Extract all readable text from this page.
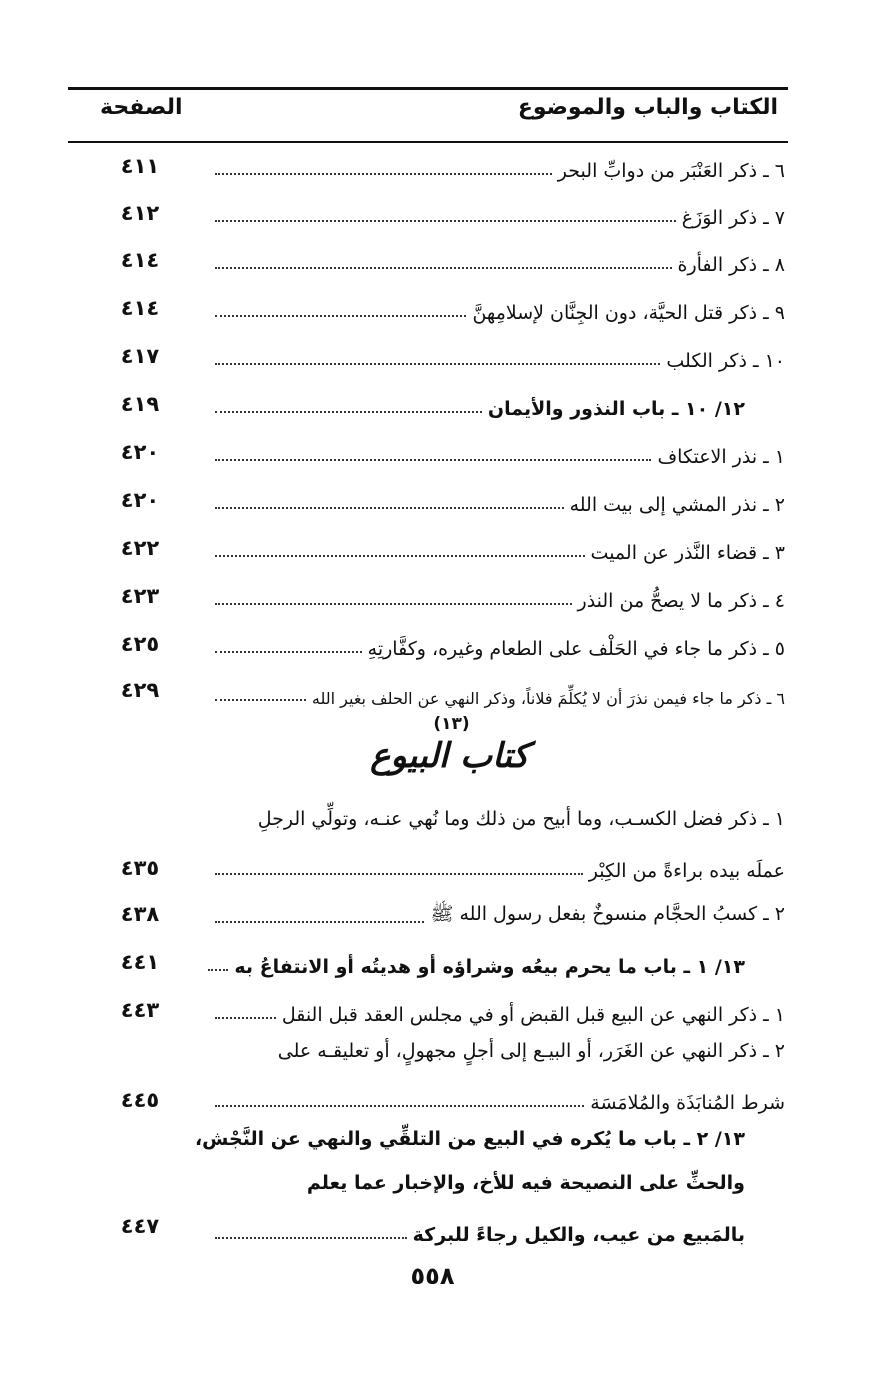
الكتاب والباب والموضوع
الصفحة
٦ ـ ذكر العَنْبَر من دوابِّ البحر
٤١١
٧ ـ ذكر الوَزَغ
٤١٢
٨ ـ ذكر الفأرة
٤١٤
٩ ـ ذكر قتل الحيَّة، دون الجِنَّان لإسلامِهنَّ
٤١٤
١٠ ـ ذكر الكلب
٤١٧
١٢/ ١٠ ـ باب النذور والأيمان
٤١٩
١ ـ نذر الاعتكاف
٤٢٠
٢ ـ نذر المشي إلى بيت الله
٤٢٠
٣ ـ قضاء النَّذر عن الميت
٤٢٢
٤ ـ ذكر ما لا يصحُّ من النذر
٤٢٣
٥ ـ ذكر ما جاء في الحَلْف على الطعام وغيره، وكفَّارتِهِ
٤٢٥
٦ ـ ذكر ما جاء فيمن نذرَ أن لا يُكلِّمَ فلاناً، وذكر النهي عن الحلف بغير الله
٤٢٩
(١٣)
كتاب البيوع
١ ـ ذكر فضل الكسـب، وما أبيح من ذلك وما نُهي عنـه، وتولِّي الرجلِ
عملَه بيده براءةً من الكِبْر
٤٣٥
٢ ـ كسبُ الحجَّام منسوخٌ بفعل رسول الله ﷺ
٤٣٨
١٣/ ١ ـ باب ما يحرم بيعُه وشراؤه أو هديتُه أو الانتفاعُ به
٤٤١
١ ـ ذكر النهي عن البيع قبل القبض أو في مجلس العقد قبل النقل
٤٤٣
٢ ـ ذكر النهي عن الغَرَر، أو البيـع إلى أجلٍ مجهولٍ، أو تعليقـه على
شرط المُنابَذَة والمُلامَسَة
٤٤٥
١٣/ ٢ ـ باب ما يُكره في البيع من التلقِّي والنهي عن النَّجْش،
والحثِّ على النصيحة فيه للأخ، والإخبار عما يعلم
بالمَبيع من عيب، والكيل رجاءً للبركة
٤٤٧
٥٥٨
